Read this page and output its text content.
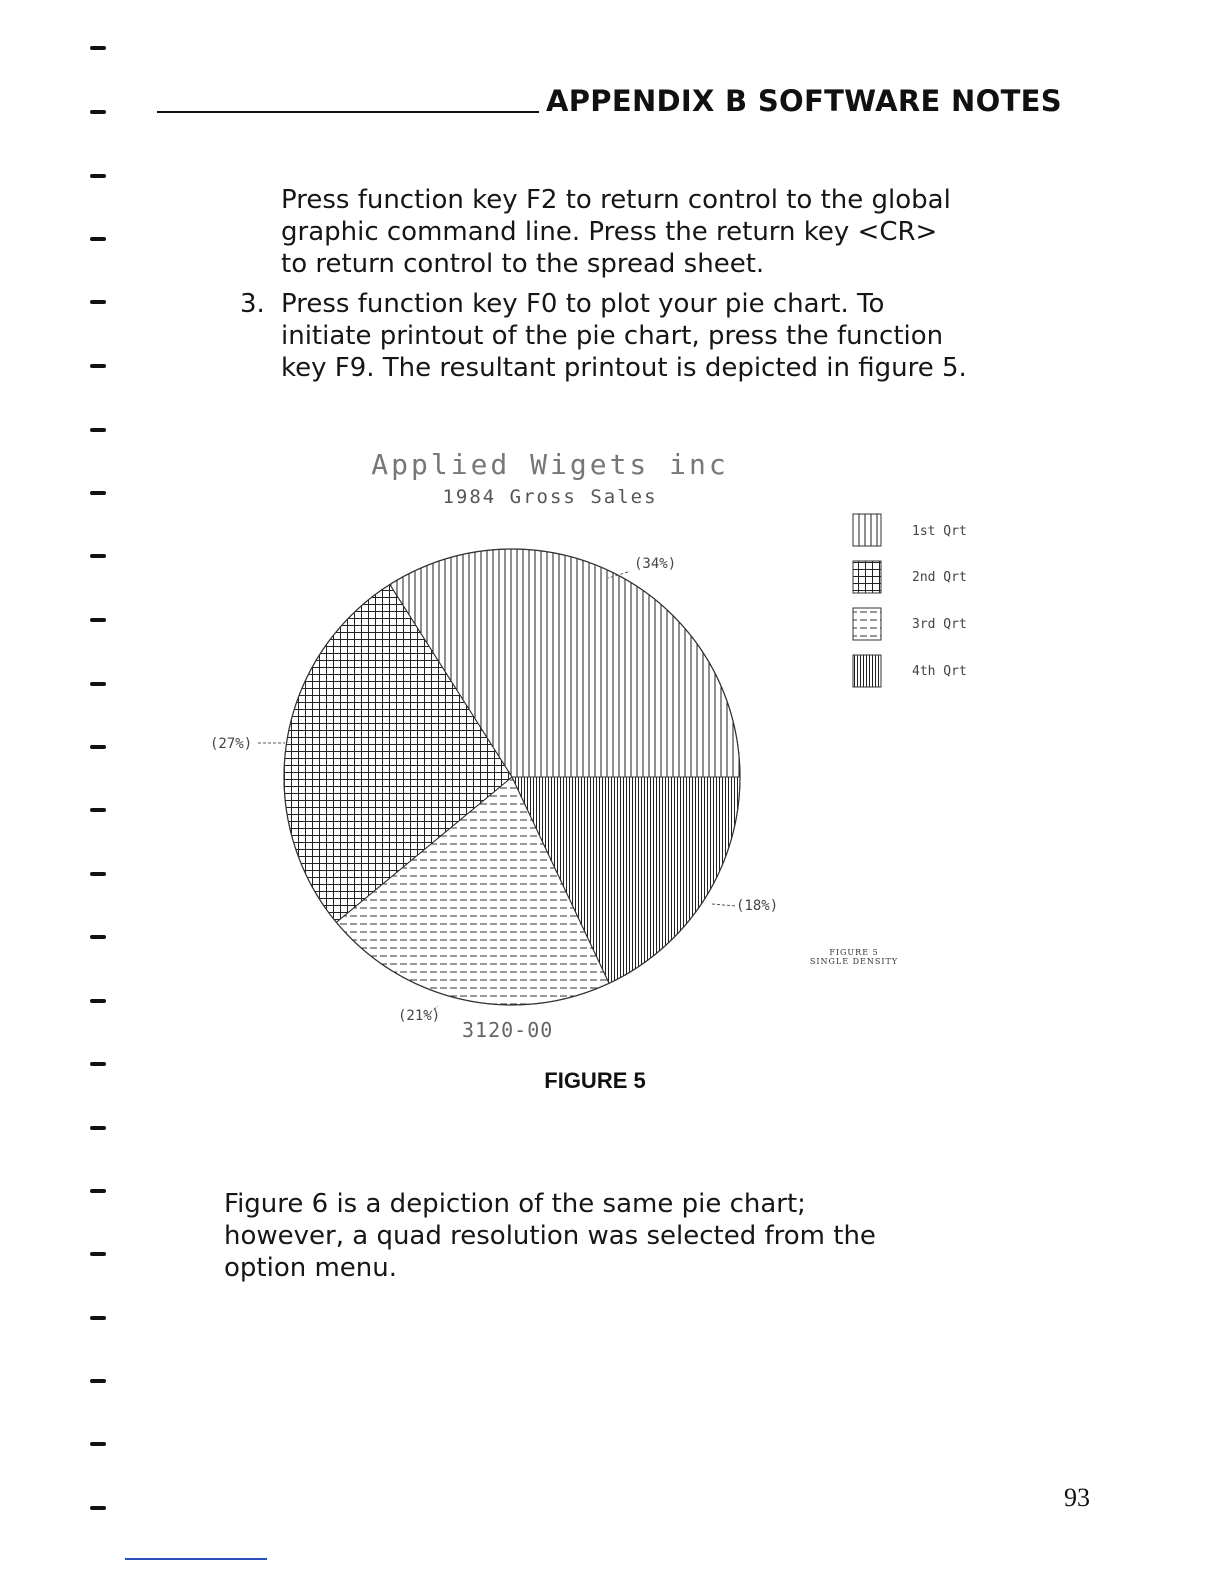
APPENDIX B SOFTWARE NOTES

Press function key F2 to return control to the global graphic command line. Press the return key <CR> to return control to the spread sheet.

3. Press function key F0 to plot your pie chart. To initiate printout of the pie chart, press the function key F9. The resultant printout is depicted in figure 5.

Applied Wigets inc
1984 Gross Sales
1st Qrt
2nd Qrt
3rd Qrt
4th Qrt
(34%)
(27%)
(21%)
(18%)
3120-00
FIGURE 5
SINGLE DENSITY
FIGURE 5

Figure 6 is a depiction of the same pie chart; however, a quad resolution was selected from the option menu.

93
